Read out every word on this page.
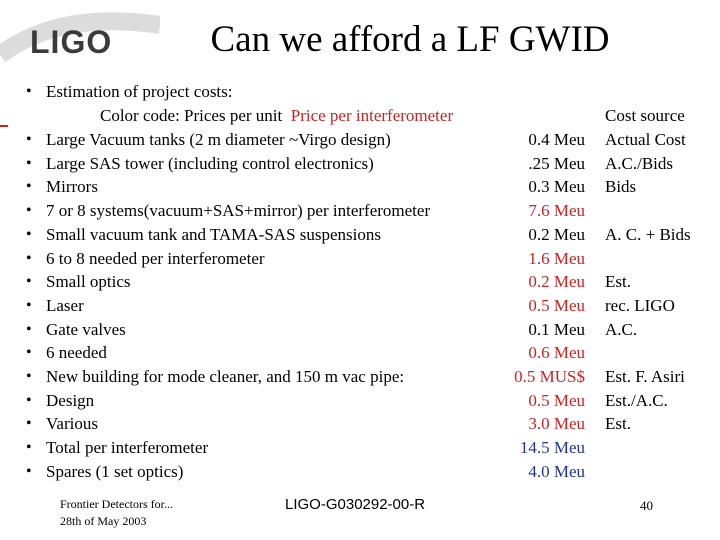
LIGO	Can we afford a LF GWID
• Estimation of project costs:
Color code: Prices per unit Price per interferometer	Cost source
• Large Vacuum tanks (2 m diameter ~Virgo design)	0.4 Meu Actual Cost
• Large SAS tower (including control electronics)	.25 Meu A.C./Bids
• Mirrors	0.3 Meu Bids
• 7 or 8 systems(vacuum+SAS+mirror) per interferometer	7.6 Meu
• Small vacuum tank and TAMA-SAS suspensions	0.2 Meu A. C. + Bids
• 6 to 8 needed per interferometer	1.6 Meu
• Small optics	0.2 Meu Est.
• Laser	0.5 Meu rec. LIGO
• Gate valves	0.1 Meu A.C.
• 6 needed	0.6 Meu
• New building for mode cleaner, and 150 m vac pipe:	0.5 MUS$ Est. F. Asiri
• Design	0.5 Meu Est./A.C.
• Various	3.0 Meu Est.
• Total per interferometer	14.5 Meu
• Spares (1 set optics)	4.0 Meu
Frontier Detectors for...
28th of May 2003
LIGO-G030292-00-R	40
